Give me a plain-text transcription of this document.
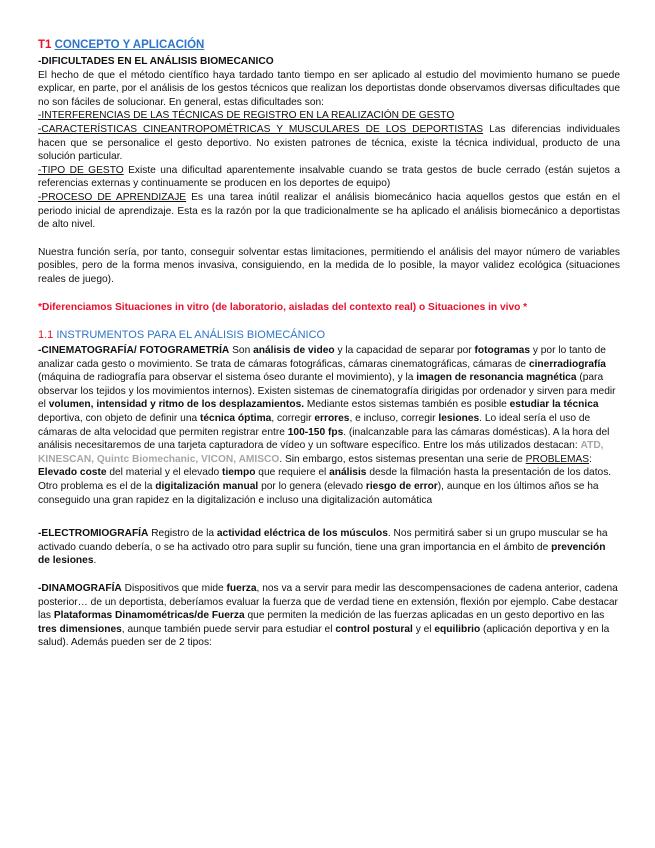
T1 CONCEPTO Y APLICACIÓN

-DIFICULTADES EN EL ANÁLISIS BIOMECANICO

El hecho de que el método científico haya tardado tanto tiempo en ser aplicado al estudio del movimiento humano se puede explicar, en parte, por el análisis de los gestos técnicos que realizan los deportistas donde observamos diversas dificultades que no son fáciles de solucionar. En general, estas dificultades son:

-INTERFERENCIAS DE LAS TÉCNICAS DE REGISTRO EN LA REALIZACIÓN DE GESTO

-CARACTERÍSTICAS CINEANTROPOMÉTRICAS Y MUSCULARES DE LOS DEPORTISTAS Las diferencias individuales hacen que se personalice el gesto deportivo. No existen patrones de técnica, existe la técnica individual, producto de una solución particular.

-TIPO DE GESTO Existe una dificultad aparentemente insalvable cuando se trata gestos de bucle cerrado (están sujetos a referencias externas y continuamente se producen en los deportes de equipo)

-PROCESO DE APRENDIZAJE Es una tarea inútil realizar el análisis biomecánico hacia aquellos gestos que están en el periodo inicial de aprendizaje. Esta es la razón por la que tradicionalmente se ha aplicado el análisis biomecánico a deportistas de alto nivel.

Nuestra función sería, por tanto, conseguir solventar estas limitaciones, permitiendo el análisis del mayor número de variables posibles, pero de la forma menos invasiva, consiguiendo, en la medida de lo posible, la mayor validez ecológica (situaciones reales de juego).

*Diferenciamos Situaciones in vitro (de laboratorio, aisladas del contexto real) o Situaciones in vivo *

1.1 INSTRUMENTOS PARA EL ANÁLISIS BIOMECÁNICO

-CINEMATOGRAFÍA/ FOTOGRAMETRÍA Son análisis de video y la capacidad de separar por fotogramas y por lo tanto de analizar cada gesto o movimiento. Se trata de cámaras fotográficas, cámaras cinematográficas, cámaras de cinerradiografía (máquina de radiografía para observar el sistema óseo durante el movimiento), y la imagen de resonancia magnética (para observar los tejidos y los movimientos internos). Existen sistemas de cinematografía dirigidas por ordenador y sirven para medir el volumen, intensidad y ritmo de los desplazamientos. Mediante estos sistemas también es posible estudiar la técnica deportiva, con objeto de definir una técnica óptima, corregir errores, e incluso, corregir lesiones. Lo ideal sería el uso de cámaras de alta velocidad que permiten registrar entre 100-150 fps. (inalcanzable para las cámaras domésticas). A la hora del análisis necesitaremos de una tarjeta capturadora de vídeo y un software específico. Entre los más utilizados destacan: ATD, KINESCAN, Quintc Biomechanic, VICON, AMISCO. Sin embargo, estos sistemas presentan una serie de PROBLEMAS: Elevado coste del material y el elevado tiempo que requiere el análisis desde la filmación hasta la presentación de los datos. Otro problema es el de la digitalización manual por lo genera (elevado riesgo de error), aunque en los últimos años se ha conseguido una gran rapidez en la digitalización e incluso una digitalización automática

-ELECTROMIOGRAFÍA Registro de la actividad eléctrica de los músculos. Nos permitirá saber si un grupo muscular se ha activado cuando debería, o se ha activado otro para suplir su función, tiene una gran importancia en el ámbito de prevención de lesiones.

-DINAMOGRAFÍA Dispositivos que mide fuerza, nos va a servir para medir las descompensaciones de cadena anterior, cadena posterior… de un deportista, deberíamos evaluar la fuerza que de verdad tiene en extensión, flexión por ejemplo. Cabe destacar las Plataformas Dinamométricas/de Fuerza que permiten la medición de las fuerzas aplicadas en un gesto deportivo en las tres dimensiones, aunque también puede servir para estudiar el control postural y el equilibrio (aplicación deportiva y en la salud). Además pueden ser de 2 tipos:
